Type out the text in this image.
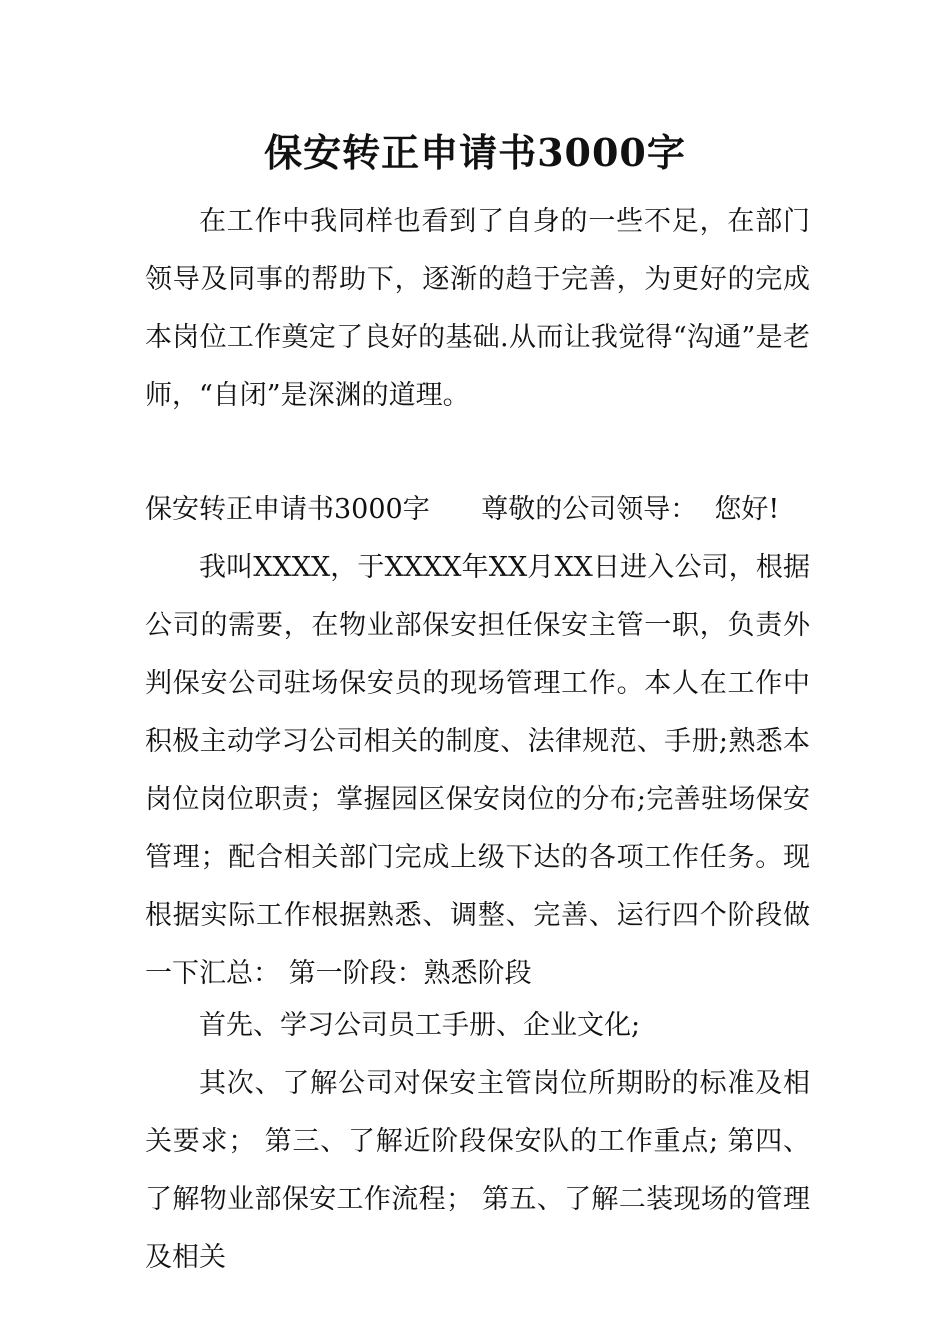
保安转正申请书3000字
在工作中我同样也看到了自身的一些不足，在部门领导及同事的帮助下，逐渐的趋于完善，为更好的完成本岗位工作奠定了良好的基础.从而让我觉得“沟通”是老师，“自闭”是深渊的道理。
保安转正申请书3000字 尊敬的公司领导： 您好!
我叫XXXX，于XXXX年XX月XX日进入公司，根据公司的需要，在物业部保安担任保安主管一职，负责外判保安公司驻场保安员的现场管理工作。本人在工作中积极主动学习公司相关的制度、法律规范、手册;熟悉本岗位岗位职责；掌握园区保安岗位的分布;完善驻场保安管理；配合相关部门完成上级下达的各项工作任务。现根据实际工作根据熟悉、调整、完善、运行四个阶段做一下汇总： 第一阶段：熟悉阶段
首先、学习公司员工手册、企业文化;
其次、了解公司对保安主管岗位所期盼的标准及相关要求； 第三、了解近阶段保安队的工作重点; 第四、了解物业部保安工作流程； 第五、了解二装现场的管理及相关
